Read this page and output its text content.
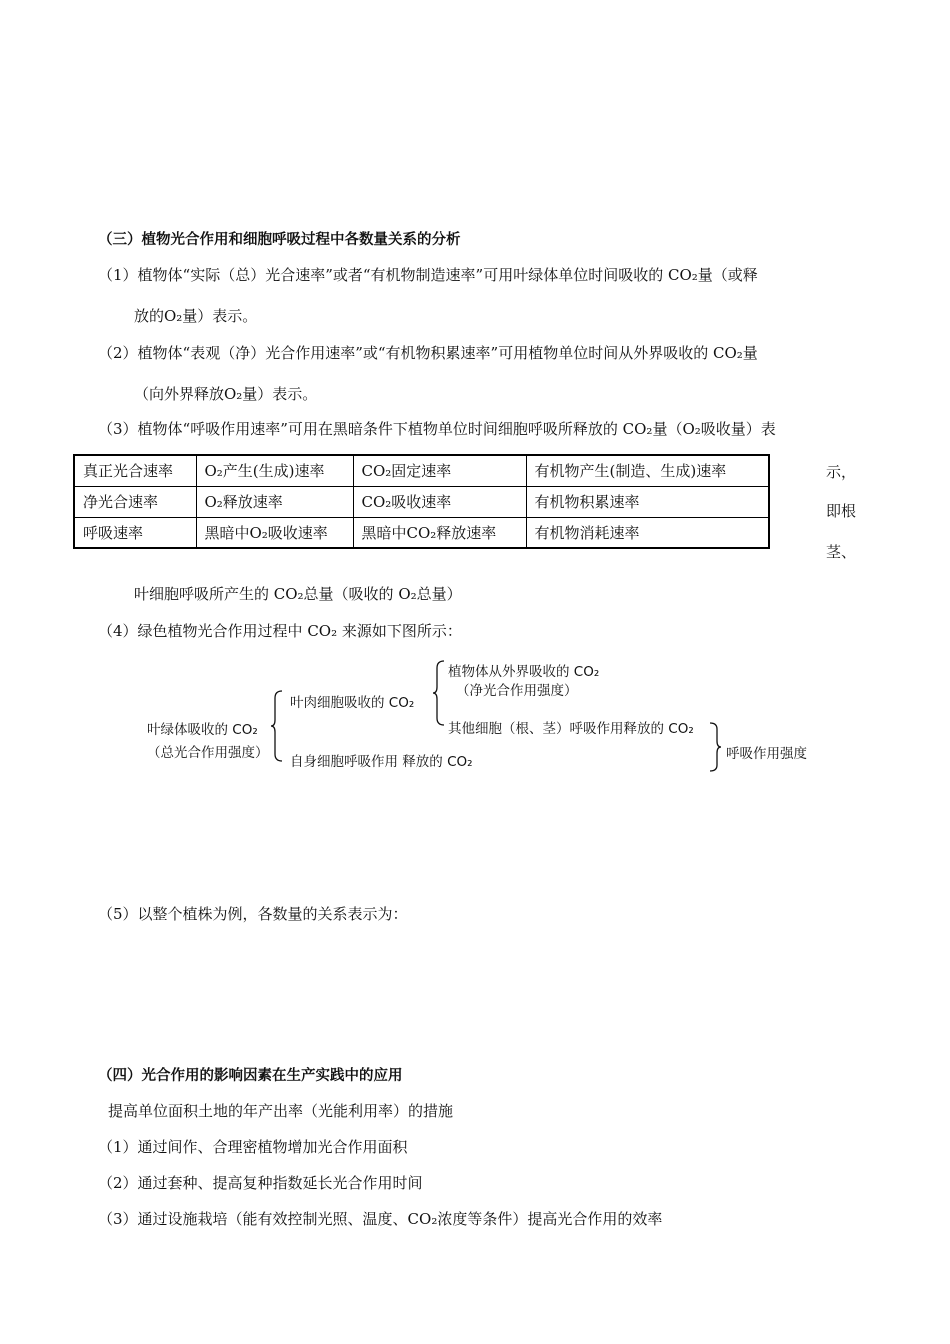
（三）植物光合作用和细胞呼吸过程中各数量关系的分析
（1）植物体“实际（总）光合速率”或者“有机物制造速率”可用叶绿体单位时间吸收的 CO₂量（或释
放的O₂量）表示。
（2）植物体“表观（净）光合作用速率”或“有机物积累速率”可用植物单位时间从外界吸收的 CO₂量
（向外界释放O₂量）表示。
（3）植物体“呼吸作用速率”可用在黑暗条件下植物单位时间细胞呼吸所释放的 CO₂量（O₂吸收量）表
真正光合速率	O₂产生(生成)速率	CO₂固定速率	有机物产生(制造、生成)速率
净光合速率	O₂释放速率	CO₂吸收速率	有机物积累速率
呼吸速率	黑暗中O₂吸收速率	黑暗中CO₂释放速率	有机物消耗速率
示，
即根
茎、
叶细胞呼吸所产生的 CO₂总量（吸收的 O₂总量）
（4）绿色植物光合作用过程中 CO₂ 来源如下图所示：
叶绿体吸收的 CO₂
（总光合作用强度）
叶肉细胞吸收的 CO₂
自身细胞呼吸作用 释放的 CO₂
植物体从外界吸收的 CO₂
（净光合作用强度）
其他细胞（根、茎）呼吸作用释放的 CO₂
呼吸作用强度
（5）以整个植株为例，各数量的关系表示为：
（四）光合作用的影响因素在生产实践中的应用
提高单位面积土地的年产出率（光能利用率）的措施
（1）通过间作、合理密植物增加光合作用面积
（2）通过套种、提高复种指数延长光合作用时间
（3）通过设施栽培（能有效控制光照、温度、CO₂浓度等条件）提高光合作用的效率
